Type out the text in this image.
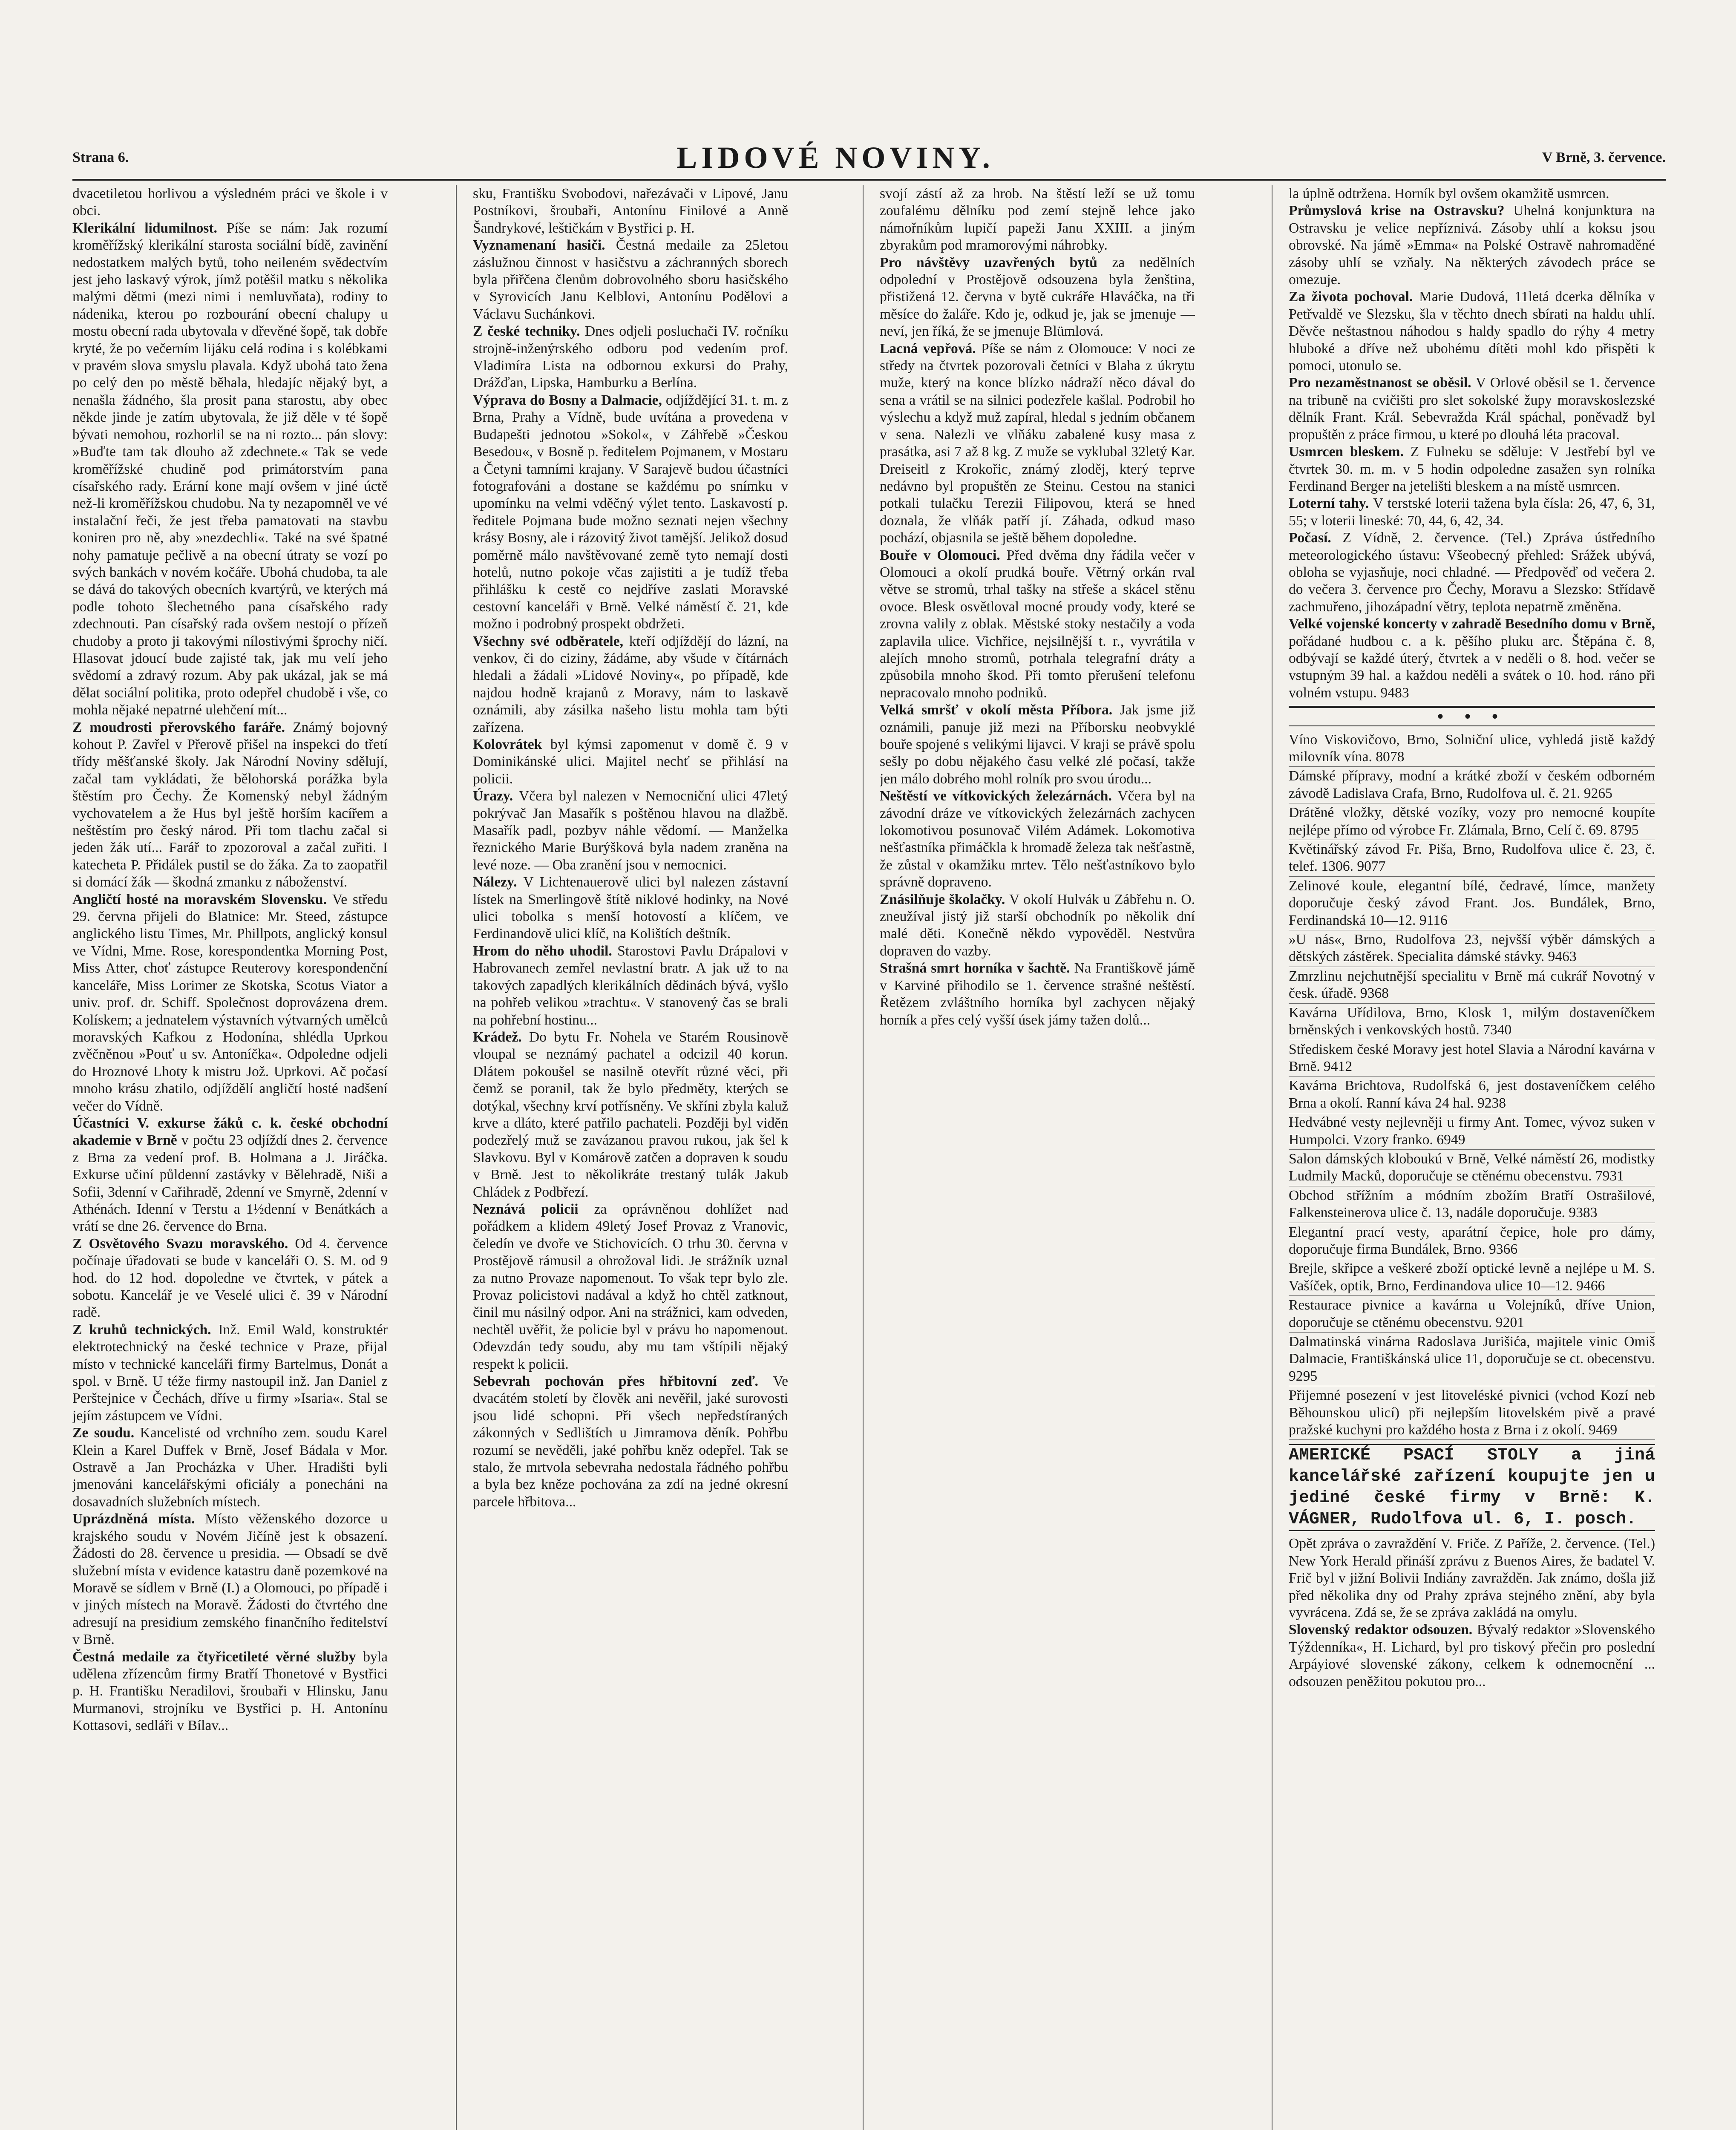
Strana 6.	LIDOVÉ NOVINY.	V Brně, 3. července.

dvacetiletou horlivou a výsledném práci ve škole i v obci.

Klerikální lidumilnost. Píše se nám: Jak rozumí kroměřížský klerikální starosta sociální bídě, zavinění nedostatkem malých bytů, toho neileném svědectvím jest jeho laskavý výrok, jímž potěšil matku s několika malými dětmi (mezi nimi i nemluvňata), rodiny to nádenika, kterou po rozbourání obecní chalupy u mostu obecní rada ubytovala v dřevěné šopě, tak dobře kryté, že po večerním lijáku celá rodina i s kolébkami v pravém slova smyslu plavala. Když ubohá tato žena po celý den po městě běhala, hledajíc nějaký byt, a nenašla žádného, šla prosit pana starostu, aby obec někde jinde je zatím ubytovala, že již děle v té šopě bývati nemohou, rozhorlil se na ni rozto... pán slovy: »Buďte tam tak dlouho až zdechnete.« Tak se vede kroměřížské chudině pod primátorstvím pana císařského rady. Erární kone mají ovšem v jiné úctě než-li kroměřížskou chudobu. Na ty nezapomněl ve vé instalační řeči, že jest třeba pamatovati na stavbu koniren pro ně, aby »nezdechli«. Také na své špatné nohy pamatuje pečlivě a na obecní útraty se vozí po svých bankách v novém kočáře. Ubohá chudoba, ta ale se dává do takových obecních kvartýrů, ve kterých má podle tohoto šlechetného pana císařského rady zdechnouti. Pan císařský rada ovšem nestojí o přízeň chudoby a proto ji takovými nílostivými šprochy ničí. Hlasovat jdoucí bude zajisté tak, jak mu velí jeho svědomí a zdravý rozum. Aby pak ukázal, jak se má dělat sociální politika, proto odepřel chudobě i vše, co mohla nějaké nepatrné ulehčení mít...

Z moudrosti přerovského faráře. Známý bojovný kohout P. Zavřel v Přerově přišel na inspekci do třetí třídy měšťanské školy. Jak Národní Noviny sdělují, začal tam vykládati, že bělohorská porážka byla štěstím pro Čechy. Že Komenský nebyl žádným vychovatelem a že Hus byl ještě horším kacířem a neštěstím pro český národ. Při tom tlachu začal si jeden žák utí... Farář to zpozoroval a začal zuřiti. I katecheta P. Přidálek pustil se do žáka. Za to zaopatřil si domácí žák — škodná zmanku z náboženství.

Angličtí hosté na moravském Slovensku. Ve středu 29. června přijeli do Blatnice: Mr. Steed, zástupce anglického listu Times, Mr. Phillpots, anglický konsul ve Vídni, Mme. Rose, korespondentka Morning Post, Miss Atter, choť zástupce Reuterovy korespondenční kanceláře, Miss Lorimer ze Skotska, Scotus Viator a univ. prof. dr. Schiff. Společnost doprovázena drem. Kolískem; a jednatelem výstavních výtvarných umělců moravských Kafkou z Hodonína, shlédla Uprkou zvěčněnou »Pouť u sv. Antoníčka«. Odpoledne odjeli do Hroznové Lhoty k mistru Jož. Uprkovi. Ač počasí mnoho krásu zhatilo, odjíždělí angličtí hosté nadšení večer do Vídně.

Účastníci V. exkurse žáků c. k. české obchodní akademie v Brně v počtu 23 odjíždí dnes 2. července z Brna za vedení prof. B. Holmana a J. Jiráčka. Exkurse učiní půldenní zastávky v Bělehradě, Niši a Sofii, 3denní v Cařihradě, 2denní ve Smyrně, 2denní v Athénách. Idenní v Terstu a 1½denní v Benátkách a vrátí se dne 26. července do Brna.

Z Osvětového Svazu moravského. Od 4. července počínaje úřadovati se bude v kanceláři O. S. M. od 9 hod. do 12 hod. dopoledne ve čtvrtek, v pátek a sobotu. Kancelář je ve Veselé ulici č. 39 v Národní radě.

Z kruhů technických. Inž. Emil Wald, konstruktér elektrotechnický na české technice v Praze, přijal místo v technické kanceláři firmy Bartelmus, Donát a spol. v Brně. U téže firmy nastoupil inž. Jan Daniel z Perštejnice v Čechách, dříve u firmy »Isaria«. Stal se jejím zástupcem ve Vídni.

Ze soudu. Kancelisté od vrchního zem. soudu Karel Klein a Karel Duffek v Brně, Josef Bádala v Mor. Ostravě a Jan Procházka v Uher. Hradišti byli jmenováni kancelářskými oficiály a ponecháni na dosavadních služebních místech.

Uprázdněná místa. Místo věženského dozorce u krajského soudu v Novém Jičíně jest k obsazení. Žádosti do 28. července u presidia. — Obsadí se dvě služební místa v evidence katastru daně pozemkové na Moravě se sídlem v Brně (I.) a Olomouci, po případě i v jiných místech na Moravě. Žádosti do čtvrtého dne adresují na presidium zemského finančního ředitelství v Brně.

Čestná medaile za čtyřicetileté věrné služby byla udělena zřízencům firmy Bratří Thonetové v Bystřici p. H. Františku Neradilovi, šroubaři v Hlinsku, Janu Murmanovi, strojníku ve Bystřici p. H. Antonínu Kottasovi, sedláři v Bílav...

sku, Františku Svobodovi, nařezávači v Lipové, Janu Postníkovi, šroubaři, Antonínu Finilové a Anně Šandrykové, leštičkám v Bystřici p. H.

Vyznamenaní hasiči. Čestná medaile za 25letou záslužnou činnost v hasičstvu a záchranných sborech byla přiřčena členům dobrovolného sboru hasičského v Syrovicích Janu Kelblovi, Antonínu Podělovi a Václavu Suchánkovi.

Z české techniky. Dnes odjeli posluchači IV. ročníku strojně-inženýrského odboru pod vedením prof. Vladimíra Lista na odbornou exkursi do Prahy, Drážďan, Lipska, Hamburku a Berlína.

Výprava do Bosny a Dalmacie, odjíždějící 31. t. m. z Brna, Prahy a Vídně, bude uvítána a provedena v Budapešti jednotou »Sokol«, v Záhřebě »Českou Besedou«, v Bosně p. ředitelem Pojmanem, v Mostaru a Četyni tamními krajany. V Sarajevě budou účastníci fotografováni a dostane se každému po snímku v upomínku na velmi vděčný výlet tento. Laskavostí p. ředitele Pojmana bude možno seznati nejen všechny krásy Bosny, ale i rázovitý život tamější. Jelikož dosud poměrně málo navštěvované země tyto nemají dosti hotelů, nutno pokoje včas zajistiti a je tudíž třeba přihlášku k cestě co nejdříve zaslati Moravské cestovní kanceláři v Brně. Velké náměstí č. 21, kde možno i podrobný prospekt obdržeti.

Všechny své odběratele, kteří odjíždějí do lázní, na venkov, či do ciziny, žádáme, aby všude v čítárnách hledali a žádali »Lidové Noviny«, po případě, kde najdou hodně krajanů z Moravy, nám to laskavě oznámili, aby zásilka našeho listu mohla tam býti zařízena.

Kolovrátek byl kýmsi zapomenut v domě č. 9 v Dominikánské ulici. Majitel nechť se přihlásí na policii.

Úrazy. Včera byl nalezen v Nemocniční ulici 47letý pokrývač Jan Masařík s poštěnou hlavou na dlažbě. Masařík padl, pozbyv náhle vědomí. — Manželka řeznického Marie Burýšková byla nadem zraněna na levé noze. — Oba zranění jsou v nemocnici.

Nálezy. V Lichtenauerově ulici byl nalezen zástavní lístek na Smerlingově štítě niklové hodinky, na Nové ulici tobolka s menší hotovostí a klíčem, ve Ferdinandově ulici klíč, na Kolištích deštník.

Hrom do něho uhodil. Starostovi Pavlu Drápalovi v Habrovanech zemřel nevlastní bratr. A jak už to na takových zapadlých klerikálních dědinách bývá, vyšlo na pohřeb velikou »trachtu«. V stanovený čas se brali na pohřební hostinu...

Krádež. Do bytu Fr. Nohela ve Starém Rousinově vloupal se neznámý pachatel a odcizil 40 korun. Dlátem pokoušel se nasilně otevřít různé věci, při čemž se poranil, tak že bylo předměty, kterých se dotýkal, všechny krví potřísněny. Ve skříni zbyla kaluž krve a dláto, které patřilo pachateli. Později byl viděn podezřelý muž se zavázanou pravou rukou, jak šel k Slavkovu. Byl v Komárově zatčen a dopraven k soudu v Brně. Jest to několikráte trestaný tulák Jakub Chládek z Podbřezí.

Neznává policii za oprávněnou dohlížet nad pořádkem a klidem 49letý Josef Provaz z Vranovic, čeledín ve dvoře ve Stichovicích. O trhu 30. června v Prostějově rámusil a ohrožoval lidi. Je strážník uznal za nutno Provaze napomenout. To však tepr bylo zle. Provaz policistovi nadával a když ho chtěl zatknout, činil mu násilný odpor. Ani na strážnici, kam odveden, nechtěl uvěřit, že policie byl v právu ho napomenout. Odevzdán tedy soudu, aby mu tam vštípili nějaký respekt k policii.

Sebevrah pochován přes hřbitovní zeď. Ve dvacátém století by člověk ani nevěřil, jaké surovosti jsou lidé schopni. Při všech nepředstíraných zákonných v Sedlištích u Jimramova děník. Pohřbu rozumí se nevěděli, jaké pohřbu kněz odepřel. Tak se stalo, že mrtvola sebevraha nedostala řádného pohřbu a byla bez kněze pochována za zdí na jedné okresní parcele hřbitova...

svojí zástí až za hrob. Na štěstí leží se už tomu zoufalému dělníku pod zemí stejně lehce jako námořníkům lupičí papeži Janu XXIII. a jiným zbyrakům pod mramorovými náhrobky.

Pro návštěvy uzavřených bytů za nedělních odpolední v Prostějově odsouzena byla ženština, přistižená 12. června v bytě cukráře Hlaváčka, na tři měsíce do žaláře. Kdo je, odkud je, jak se jmenuje — neví, jen říká, že se jmenuje Blümlová.

Lacná vepřová. Píše se nám z Olomouce: V noci ze středy na čtvrtek pozorovali četníci v Blaha z úkrytu muže, který na konce blízko nádraží něco dával do sena a vrátil se na silnici podezřele kašlal. Podrobil ho výslechu a když muž zapíral, hledal s jedním občanem v sena. Nalezli ve vlňáku zabalené kusy masa z prasátka, asi 7 až 8 kg. Z muže se vyklubal 32letý Kar. Dreiseitl z Krokořic, známý zloděj, který teprve nedávno byl propuštěn ze Steinu. Cestou na stanici potkali tulačku Terezii Filipovou, která se hned doznala, že vlňák patří jí. Záhada, odkud maso pochází, objasnila se ještě během dopoledne.

Bouře v Olomouci. Před dvěma dny řádila večer v Olomouci a okolí prudká bouře. Větrný orkán rval větve se stromů, trhal tašky na střeše a skácel stěnu ovoce. Blesk osvětloval mocné proudy vody, které se zrovna valily z oblak. Městské stoky nestačily a voda zaplavila ulice. Vichřice, nejsilnější t. r., vyvrátila v alejích mnoho stromů, potrhala telegrafní dráty a způsobila mnoho škod. Při tomto přerušení telefonu nepracovalo mnoho podniků.

Velká smršť v okolí města Příbora. Jak jsme již oznámili, panuje již mezi na Příborsku neobvyklé bouře spojené s velikými lijavci. V kraji se právě spolu sešly po dobu nějakého času velké zlé počasí, takže jen málo dobrého mohl rolník pro svou úrodu...

Neštěstí ve vítkovických železárnách. Včera byl na závodní dráze ve vítkovických železárnách zachycen lokomotivou posunovač Vilém Adámek. Lokomotiva nešťastníka přimáčkla k hromadě železa tak nešťastně, že zůstal v okamžiku mrtev. Tělo nešťastníkovo bylo správně dopraveno.

Znásilňuje školačky. V okolí Hulvák u Zábřehu n. O. zneužíval jistý již starší obchodník po několik dní malé děti. Konečně někdo vypověděl. Nestvůra dopraven do vazby.

Strašná smrt horníka v šachtě. Na Františkově jámě v Karviné přihodilo se 1. července strašné neštěstí. Řetězem zvláštního horníka byl zachycen nějaký horník a přes celý vyšší úsek jámy tažen dolů...

la úplně odtržena. Horník byl ovšem okamžitě usmrcen.

Průmyslová krise na Ostravsku? Uhelná konjunktura na Ostravsku je velice nepříznivá. Zásoby uhlí a koksu jsou obrovské. Na jámě »Emma« na Polské Ostravě nahromaděné zásoby uhlí se vzňaly. Na některých závodech práce se omezuje.

Za života pochoval. Marie Dudová, 11letá dcerka dělníka v Petřvaldě ve Slezsku, šla v těchto dnech sbírati na haldu uhlí. Děvče neštastnou náhodou s haldy spadlo do rýhy 4 metry hluboké a dříve než ubohému dítěti mohl kdo přispěti k pomoci, utonulo se.

Pro nezaměstnanost se oběsil. V Orlové oběsil se 1. července na tribuně na cvičišti pro slet sokolské župy moravskoslezské dělník Frant. Král. Sebevražda Král spáchal, poněvadž byl propuštěn z práce firmou, u které po dlouhá léta pracoval.

Usmrcen bleskem. Z Fulneku se sděluje: V Jestřebí byl ve čtvrtek 30. m. m. v 5 hodin odpoledne zasažen syn rolníka Ferdinand Berger na jetelišti bleskem a na místě usmrcen.

Loterní tahy. V terstské loterii tažena byla čísla: 26, 47, 6, 31, 55; v loterii lineské: 70, 44, 6, 42, 34.

Počasí. Z Vídně, 2. července. (Tel.) Zpráva ústředního meteorologického ústavu: Všeobecný přehled: Srážek ubývá, obloha se vyjasňuje, noci chladné. — Předpověď od večera 2. do večera 3. července pro Čechy, Moravu a Slezsko: Střídavě zachmuřeno, jihozápadní větry, teplota nepatrně změněna.

Velké vojenské koncerty v zahradě Besedního domu v Brně, pořádané hudbou c. a k. pěšího pluku arc. Štěpána č. 8, odbývají se každé úterý, čtvrtek a v neděli o 8. hod. večer se vstupným 39 hal. a každou neděli a svátek o 10. hod. ráno při volném vstupu. 9483

• • •

Víno Viskovičovo, Brno, Solniční ulice, vyhledá jistě každý milovník vína. 8078

Dámské přípravy, modní a krátké zboží v českém odborném závodě Ladislava Crafa, Brno, Rudolfova ul. č. 21. 9265

Drátěné vložky, dětské vozíky, vozy pro nemocné koupíte nejlépe přímo od výrobce Fr. Zlámala, Brno, Celí č. 69. 8795

Květinářský závod Fr. Piša, Brno, Rudolfova ulice č. 23, č. telef. 1306. 9077

Zelinové koule, elegantní bílé, čedravé, límce, manžety doporučuje český závod Frant. Jos. Bundálek, Brno, Ferdinandská 10—12. 9116

»U nás«, Brno, Rudolfova 23, nejvšší výběr dámských a dětských zástěrek. Specialita dámské stávky. 9463

Zmrzlinu nejchutnější specialitu v Brně má cukrář Novotný v česk. úřadě. 9368

Kavárna Uřídilova, Brno, Klosk 1, milým dostaveníčkem brněnských i venkovských hostů. 7340

Střediskem české Moravy jest hotel Slavia a Národní kavárna v Brně. 9412

Kavárna Brichtova, Rudolfská 6, jest dostaveníčkem celého Brna a okolí. Ranní káva 24 hal. 9238

Hedvábné vesty nejlevněji u firmy Ant. Tomec, vývoz suken v Humpolci. Vzory franko. 6949

Salon dámských kloboukú v Brně, Velké náměstí 26, modistky Ludmily Macků, doporučuje se ctěnému obecenstvu. 7931

Obchod střížním a módním zbožím Bratří Ostrašilové, Falkensteinerova ulice č. 13, nadále doporučuje. 9383

Elegantní prací vesty, aparátní čepice, hole pro dámy, doporučuje firma Bundálek, Brno. 9366

Brejle, skřipce a veškeré zboží optické levně a nejlépe u M. S. Vašíček, optik, Brno, Ferdinandova ulice 10—12. 9466

Restaurace pivnice a kavárna u Volejníků, dříve Union, doporučuje se ctěnému obecenstvu. 9201

Dalmatinská vinárna Radoslava Jurišića, majitele vinic Omiš Dalmacie, Františkánská ulice 11, doporučuje se ct. obecenstvu. 9295

Přijemné posezení v jest litoveléské pivnici (vchod Kozí neb Běhounskou ulicí) při nejlepším litovelském pivě a pravé pražské kuchyni pro každého hosta z Brna i z okolí. 9469

AMERICKÉ PSACÍ STOLY a jiná kancelářské zařízení koupujte jen u jediné české firmy v Brně: K. VÁGNER, Rudolfova ul. 6, I. posch.

Opět zpráva o zavraždění V. Friče. Z Paříže, 2. července. (Tel.) New York Herald přináší zprávu z Buenos Aires, že badatel V. Frič byl v jižní Bolivii Indiány zavražděn. Jak známo, došla již před několika dny od Prahy zpráva stejného znění, aby byla vyvrácena. Zdá se, že se zpráva zakládá na omylu.

Slovenský redaktor odsouzen. Bývalý redaktor »Slovenského Týždenníka«, H. Lichard, byl pro tiskový přečin pro poslední Arpáyiové slovenské zákony, celkem k odnemocnění ... odsouzen peněžitou pokutou pro...
